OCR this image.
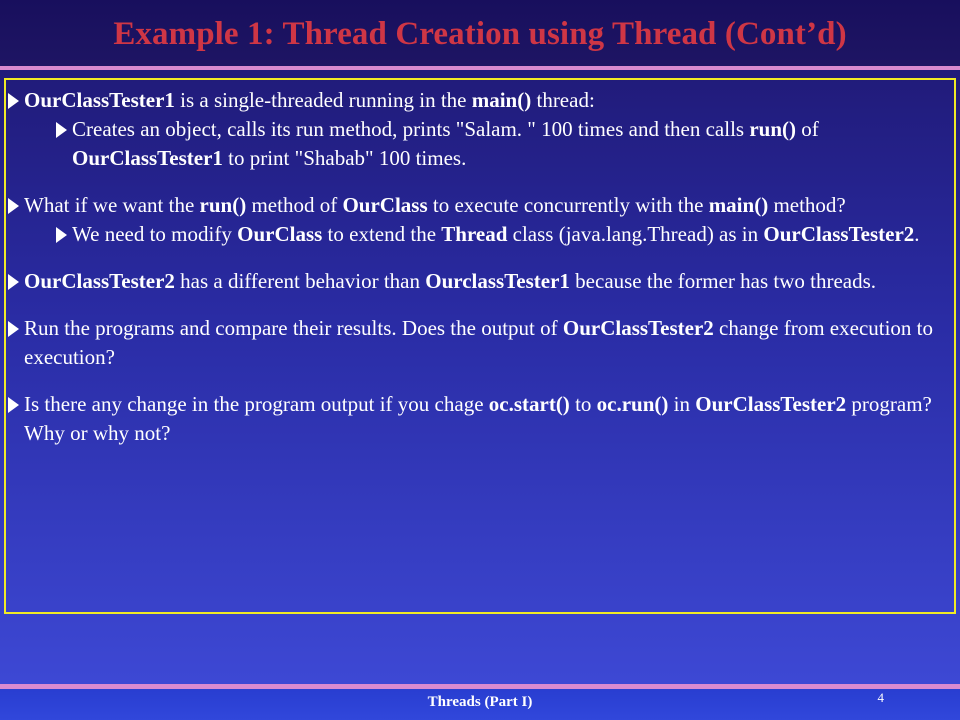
Example 1: Thread Creation using Thread (Cont’d)

OurClassTester1 is a single-threaded running in the main() thread:

Creates an object, calls its run method, prints "Salam. " 100 times and then calls run() of OurClassTester1 to print "Shabab" 100 times.

What if we want the run() method of OurClass to execute concurrently with the main() method?

We need to modify OurClass to extend the Thread class (java.lang.Thread) as in OurClassTester2.

OurClassTester2 has a different behavior than OurclassTester1 because the former has two threads.

Run the programs and compare their results. Does the output of OurClassTester2 change from execution to execution?

Is there any change in the program output if you chage oc.start() to oc.run() in OurClassTester2 program? Why or why not?

Threads (Part I)	4
